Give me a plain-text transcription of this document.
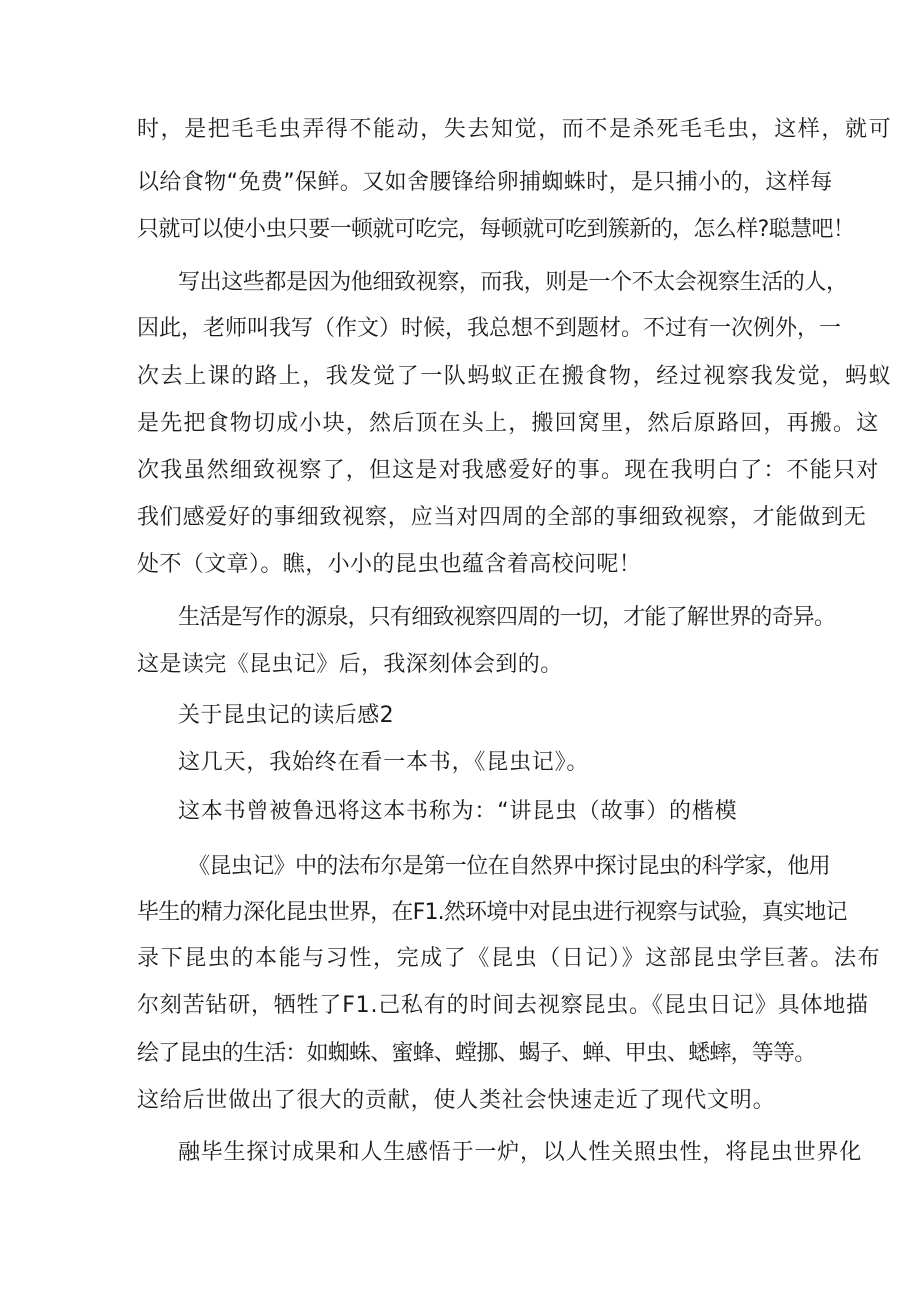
时，是把毛毛虫弄得不能动，失去知觉，而不是杀死毛毛虫，这样，就可
以给食物“免费”保鲜。又如舍腰锋给卵捕蜘蛛时，是只捕小的，这样每
只就可以使小虫只要一顿就可吃完，每顿就可吃到簇新的，怎么样?聪慧吧！
写出这些都是因为他细致视察，而我，则是一个不太会视察生活的人，
因此，老师叫我写（作文）时候，我总想不到题材。不过有一次例外，一
次去上课的路上，我发觉了一队蚂蚁正在搬食物，经过视察我发觉，蚂蚁
是先把食物切成小块，然后顶在头上，搬回窝里，然后原路回，再搬。这
次我虽然细致视察了，但这是对我感爱好的事。现在我明白了：不能只对
我们感爱好的事细致视察，应当对四周的全部的事细致视察，才能做到无
处不（文章）。瞧，小小的昆虫也蕴含着高校问呢！
生活是写作的源泉，只有细致视察四周的一切，才能了解世界的奇异。
这是读完《昆虫记》后，我深刻体会到的。
关于昆虫记的读后感2
这几天，我始终在看一本书，《昆虫记》。
这本书曾被鲁迅将这本书称为：“讲昆虫（故事）的楷模
《昆虫记》中的法布尔是第一位在自然界中探讨昆虫的科学家，他用
毕生的精力深化昆虫世界，在F1.然环境中对昆虫进行视察与试验，真实地记
录下昆虫的本能与习性，完成了《昆虫（日记）》这部昆虫学巨著。法布
尔刻苦钻研，牺牲了F1.己私有的时间去视察昆虫。《昆虫日记》具体地描
绘了昆虫的生活：如蜘蛛、蜜蜂、螳挪、蝎子、蝉、甲虫、蟋蟀，等等。
这给后世做出了很大的贡献，使人类社会快速走近了现代文明。
融毕生探讨成果和人生感悟于一炉，以人性关照虫性，将昆虫世界化
